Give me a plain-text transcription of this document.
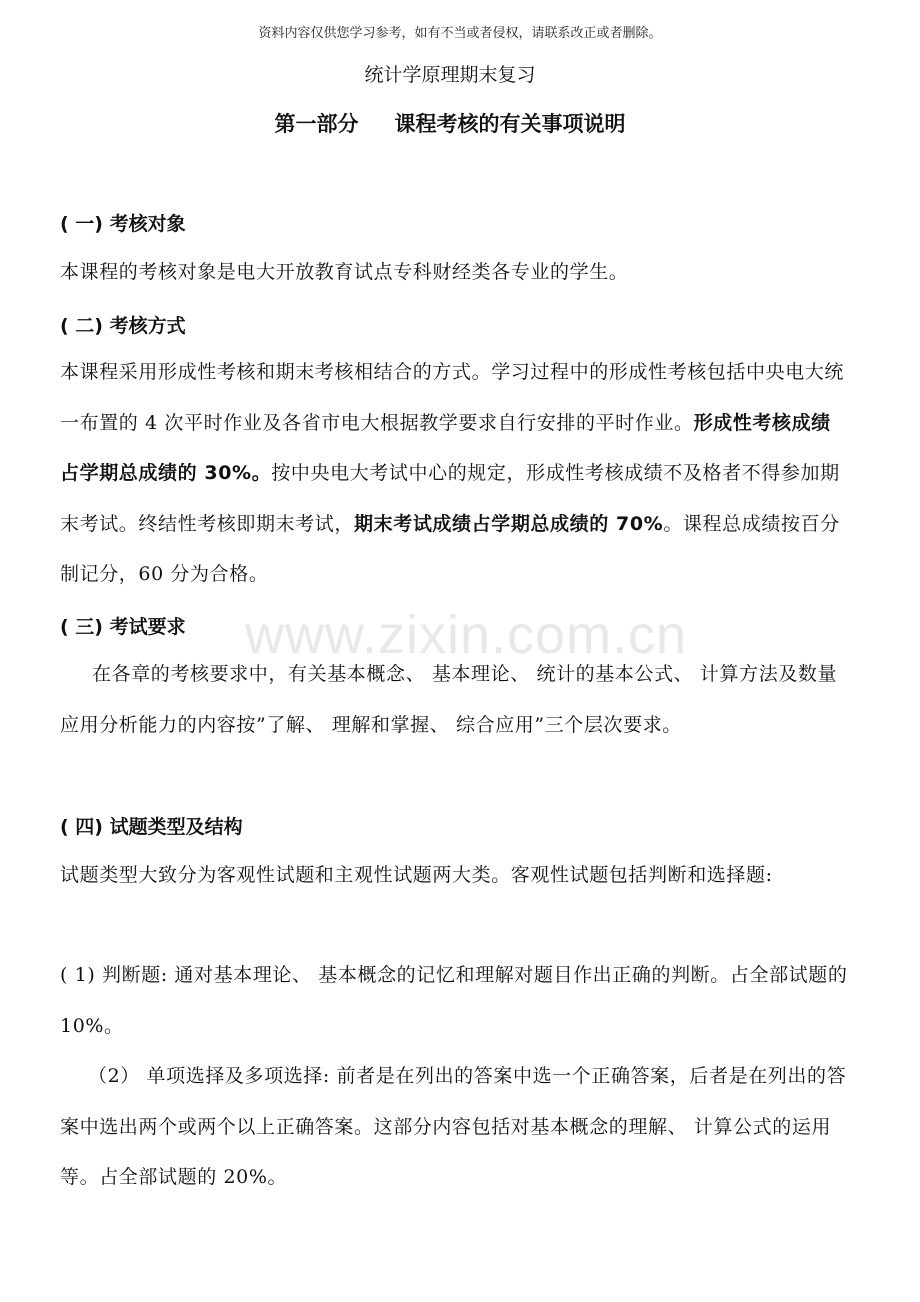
资料内容仅供您学习参考，如有不当或者侵权，请联系改正或者删除。
统计学原理期末复习
第一部分 课程考核的有关事项说明
( 一) 考核对象
本课程的考核对象是电大开放教育试点专科财经类各专业的学生。
( 二) 考核方式
本课程采用形成性考核和期末考核相结合的方式。学习过程中的形成性考核包括中央电大统一布置的 4 次平时作业及各省市电大根据教学要求自行安排的平时作业。形成性考核成绩占学期总成绩的 30%。按中央电大考试中心的规定，形成性考核成绩不及格者不得参加期末考试。终结性考核即期末考试，期末考试成绩占学期总成绩的 70%。课程总成绩按百分制记分，60 分为合格。
( 三) 考试要求
在各章的考核要求中，有关基本概念、 基本理论、 统计的基本公式、 计算方法及数量应用分析能力的内容按”了解、 理解和掌握、 综合应用”三个层次要求。
( 四) 试题类型及结构
试题类型大致分为客观性试题和主观性试题两大类。客观性试题包括判断和选择题:
( 1) 判断题: 通对基本理论、 基本概念的记忆和理解对题目作出正确的判断。占全部试题的 10%。
（2） 单项选择及多项选择: 前者是在列出的答案中选一个正确答案，后者是在列出的答案中选出两个或两个以上正确答案。这部分内容包括对基本概念的理解、 计算公式的运用等。占全部试题的 20%。
www.zixin.com.cn
